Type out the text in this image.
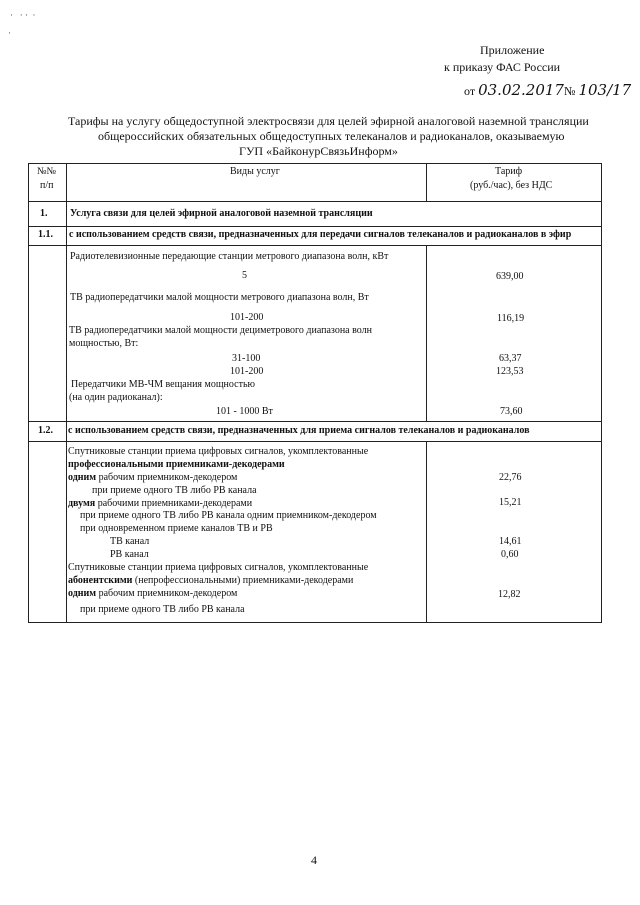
·   · ·  ·
·
Приложение
к приказу ФАС России
от 03.02.2017№ 103/17
Тарифы на услугу общедоступной электросвязи для целей эфирной аналоговой наземной трансляции
общероссийских обязательных общедоступных телеканалов и радиоканалов, оказываемую
ГУП «БайконурСвязьИнформ»
№№
п/п
Виды услуг	Тариф
(руб./час), без НДС
1. Услуга связи для целей эфирной аналоговой наземной трансляции
1.1. с использованием средств связи, предназначенных для передачи сигналов телеканалов и радиоканалов в эфир
Радиотелевизионные передающие станции метрового диапазона волн, кВт
5	639,00
ТВ радиопередатчики малой мощности метрового диапазона волн, Вт
101-200	116,19
ТВ радиопередатчики малой мощности дециметрового диапазона волн
мощностью, Вт:
31-100	63,37
101-200	123,53
Передатчики МВ-ЧМ вещания мощностью
(на один радиоканал):
101 - 1000 Вт	73,60
1.2. с использованием средств связи, предназначенных для приема сигналов телеканалов и радиоканалов
Спутниковые станции приема цифровых сигналов, укомплектованные
профессиональными приемниками-декодерами
одним рабочим приемником-декодером	22,76
при приеме одного ТВ либо РВ канала
двумя рабочими приемниками-декодерами	15,21
при приеме одного ТВ либо РВ канала одним приемником-декодером
при одновременном приеме каналов ТВ и РВ
ТВ канал	14,61
РВ канал	0,60
Спутниковые станции приема цифровых сигналов, укомплектованные
абонентскими (непрофессиональными) приемниками-декодерами
одним рабочим приемником-декодером	12,82
при приеме одного ТВ либо РВ канала
4
